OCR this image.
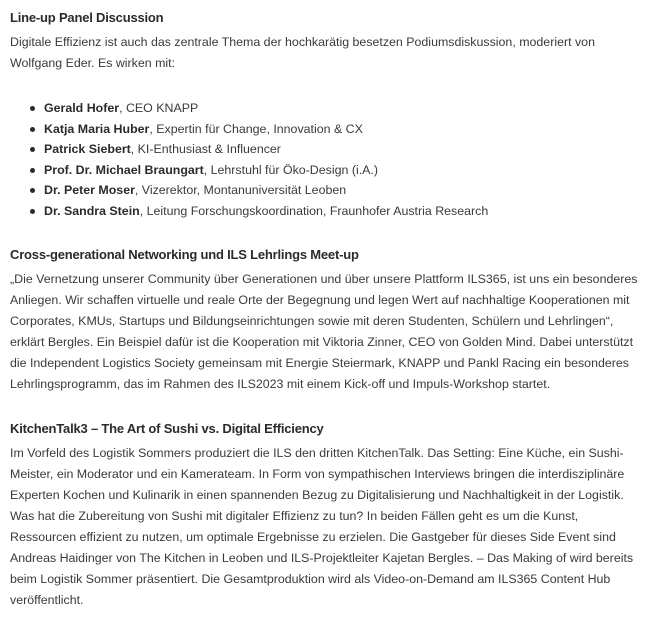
Line-up Panel Discussion

Digitale Effizienz ist auch das zentrale Thema der hochkarätig besetzen Podiumsdiskussion, moderiert von Wolfgang Eder. Es wirken mit:

Gerald Hofer, CEO KNAPP
Katja Maria Huber, Expertin für Change, Innovation & CX
Patrick Siebert, KI-Enthusiast & Influencer
Prof. Dr. Michael Braungart, Lehrstuhl für Öko-Design (i.A.)
Dr. Peter Moser, Vizerektor, Montanuniversität Leoben
Dr. Sandra Stein, Leitung Forschungskoordination, Fraunhofer Austria Research
Cross-generational Networking und ILS Lehrlings Meet-up

„Die Vernetzung unserer Community über Generationen und über unsere Plattform ILS365, ist uns ein besonderes Anliegen. Wir schaffen virtuelle und reale Orte der Begegnung und legen Wert auf nachhaltige Kooperationen mit Corporates, KMUs, Startups und Bildungseinrichtungen sowie mit deren Studenten, Schülern und Lehrlingen“, erklärt Bergles. Ein Beispiel dafür ist die Kooperation mit Viktoria Zinner, CEO von Golden Mind. Dabei unterstützt die Independent Logistics Society gemeinsam mit Energie Steiermark, KNAPP und Pankl Racing ein besonderes Lehrlingsprogramm, das im Rahmen des ILS2023 mit einem Kick-off und Impuls-Workshop startet.

KitchenTalk3 – The Art of Sushi vs. Digital Efficiency

Im Vorfeld des Logistik Sommers produziert die ILS den dritten KitchenTalk. Das Setting: Eine Küche, ein Sushi-Meister, ein Moderator und ein Kamerateam. In Form von sympathischen Interviews bringen die interdisziplinäre Experten Kochen und Kulinarik in einen spannenden Bezug zu Digitalisierung und Nachhaltigkeit in der Logistik. Was hat die Zubereitung von Sushi mit digitaler Effizienz zu tun? In beiden Fällen geht es um die Kunst, Ressourcen effizient zu nutzen, um optimale Ergebnisse zu erzielen. Die Gastgeber für dieses Side Event sind Andreas Haidinger von The Kitchen in Leoben und ILS-Projektleiter Kajetan Bergles. – Das Making of wird bereits beim Logistik Sommer präsentiert. Die Gesamtproduktion wird als Video-on-Demand am ILS365 Content Hub veröffentlicht.
